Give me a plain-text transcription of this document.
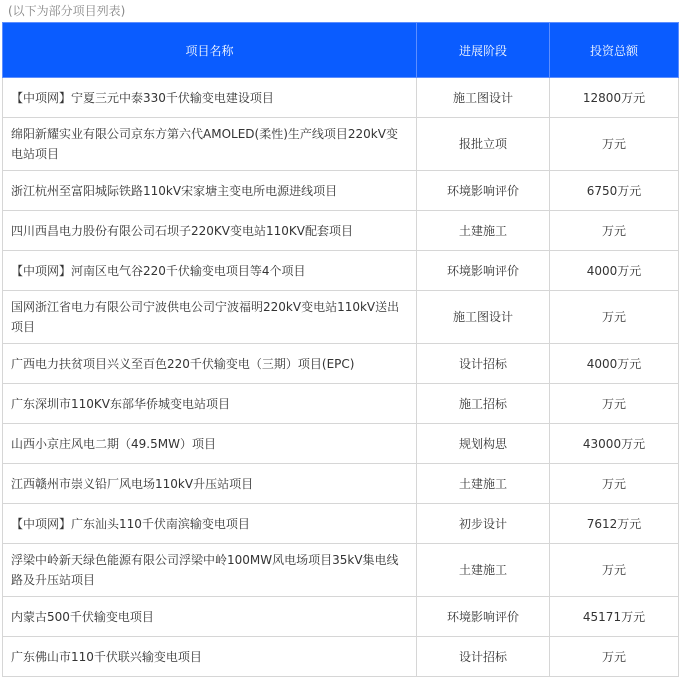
(以下为部分项目列表)
项目名称	进展阶段	投资总额
【中项网】宁夏三元中泰330千伏输变电建设项目	施工图设计	12800万元
绵阳新耀实业有限公司京东方第六代AMOLED(柔性)生产线项目220kV变电站项目	报批立项	万元
浙江杭州至富阳城际铁路110kV宋家塘主变电所电源进线项目	环境影响评价	6750万元
四川西昌电力股份有限公司石坝子220KV变电站110KV配套项目	土建施工	万元
【中项网】河南区电气谷220千伏输变电项目等4个项目	环境影响评价	4000万元
国网浙江省电力有限公司宁波供电公司宁波福明220kV变电站110kV送出项目	施工图设计	万元
广西电力扶贫项目兴义至百色220千伏输变电（三期）项目(EPC)	设计招标	4000万元
广东深圳市110KV东部华侨城变电站项目	施工招标	万元
山西小京庄风电二期（49.5MW）项目	规划构思	43000万元
江西赣州市崇义铅厂风电场110kV升压站项目	土建施工	万元
【中项网】广东汕头110千伏南滨输变电项目	初步设计	7612万元
浮梁中岭新天绿色能源有限公司浮梁中岭100MW风电场项目35kV集电线路及升压站项目	土建施工	万元
内蒙古500千伏输变电项目	环境影响评价	45171万元
广东佛山市110千伏联兴输变电项目	设计招标	万元
